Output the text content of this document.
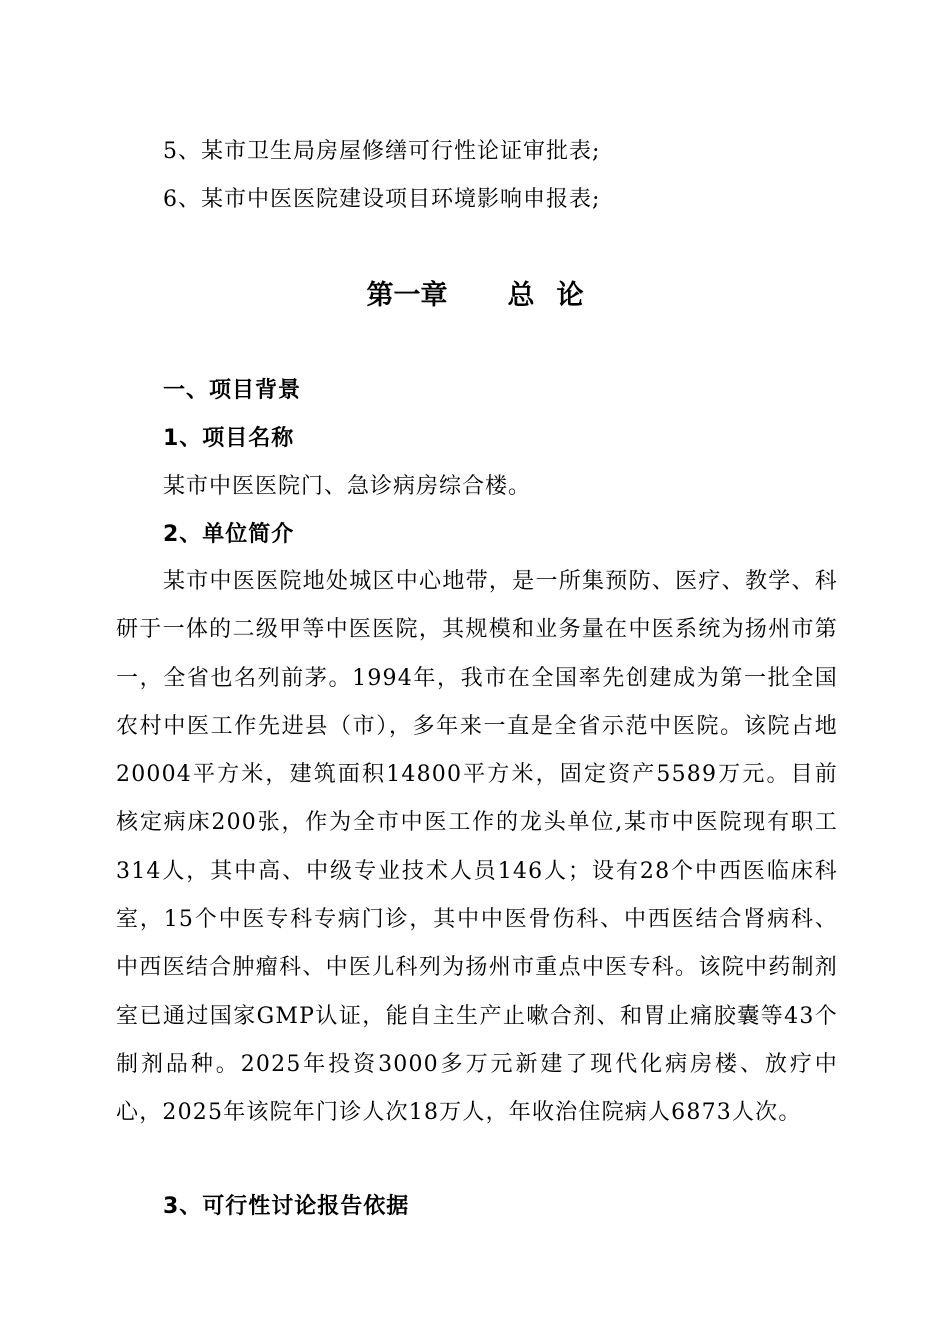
5、某市卫生局房屋修缮可行性论证审批表;
6、某市中医医院建设项目环境影响申报表;
第一章 总 论
一、项目背景
1、项目名称
某市中医医院门、急诊病房综合楼。
2、单位简介
某市中医医院地处城区中心地带，是一所集预防、医疗、教学、科研于一体的二级甲等中医医院，其规模和业务量在中医系统为扬州市第一，全省也名列前茅。1994年，我市在全国率先创建成为第一批全国农村中医工作先进县（市），多年来一直是全省示范中医院。该院占地20004平方米，建筑面积14800平方米，固定资产5589万元。目前核定病床200张，作为全市中医工作的龙头单位,某市中医院现有职工314人，其中高、中级专业技术人员146人；设有28个中西医临床科室，15个中医专科专病门诊，其中中医骨伤科、中西医结合肾病科、中西医结合肿瘤科、中医儿科列为扬州市重点中医专科。该院中药制剂室已通过国家GMP认证，能自主生产止嗽合剂、和胃止痛胶囊等43个制剂品种。2025年投资3000多万元新建了现代化病房楼、放疗中心，2025年该院年门诊人次18万人，年收治住院病人6873人次。
3、可行性讨论报告依据
